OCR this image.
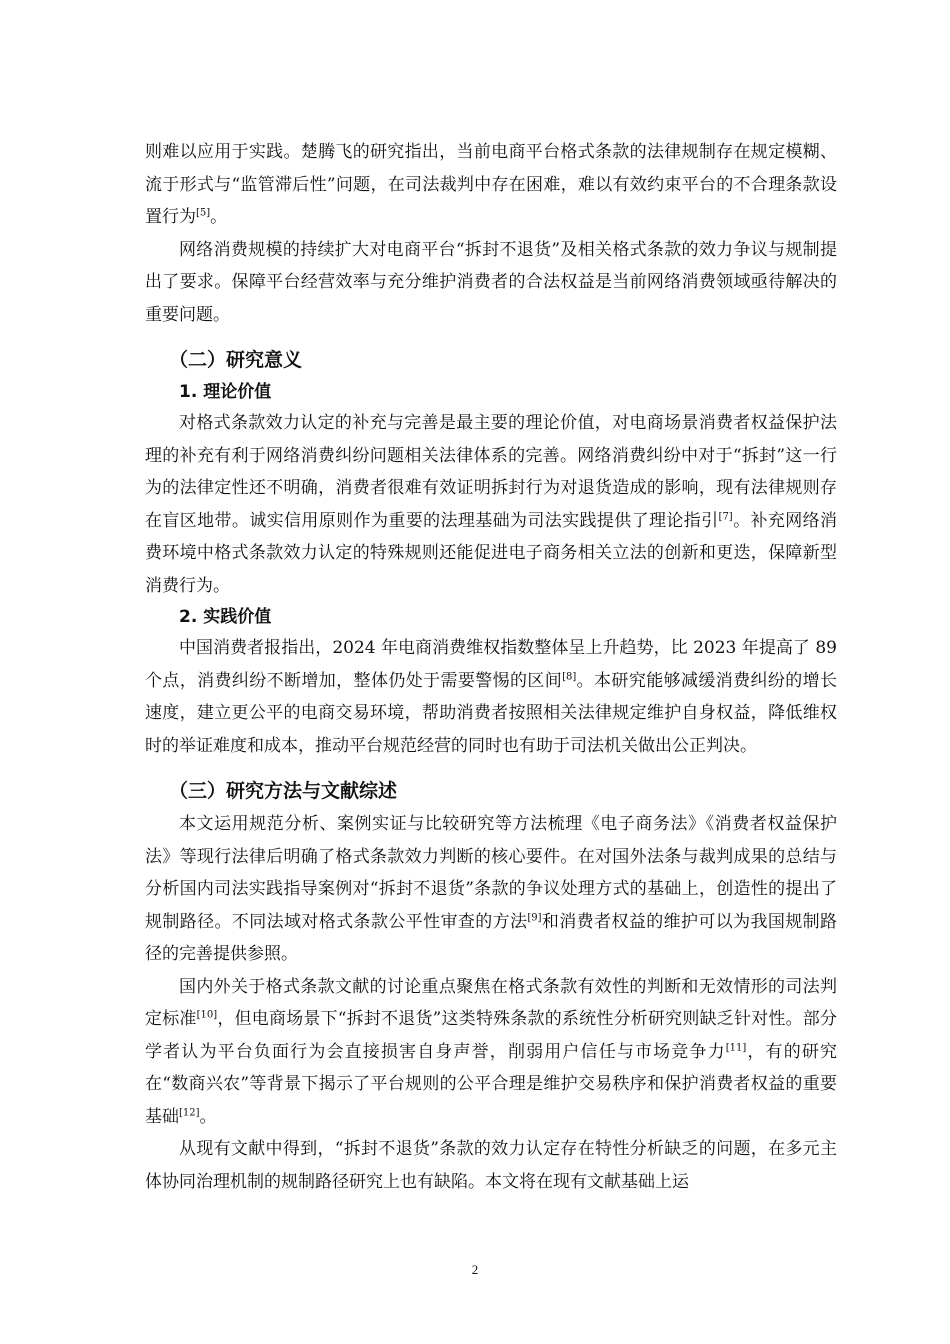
则难以应用于实践。楚腾飞的研究指出，当前电商平台格式条款的法律规制存在规定模糊、流于形式与“监管滞后性”问题，在司法裁判中存在困难，难以有效约束平台的不合理条款设置行为[5]。

网络消费规模的持续扩大对电商平台“拆封不退货”及相关格式条款的效力争议与规制提出了要求。保障平台经营效率与充分维护消费者的合法权益是当前网络消费领域亟待解决的重要问题。

（二）研究意义
1. 理论价值

对格式条款效力认定的补充与完善是最主要的理论价值，对电商场景消费者权益保护法理的补充有利于网络消费纠纷问题相关法律体系的完善。网络消费纠纷中对于“拆封”这一行为的法律定性还不明确，消费者很难有效证明拆封行为对退货造成的影响，现有法律规则存在盲区地带。诚实信用原则作为重要的法理基础为司法实践提供了理论指引[7]。补充网络消费环境中格式条款效力认定的特殊规则还能促进电子商务相关立法的创新和更迭，保障新型消费行为。

2. 实践价值

中国消费者报指出，2024 年电商消费维权指数整体呈上升趋势，比 2023 年提高了 89 个点，消费纠纷不断增加，整体仍处于需要警惕的区间[8]。本研究能够减缓消费纠纷的增长速度，建立更公平的电商交易环境，帮助消费者按照相关法律规定维护自身权益，降低维权时的举证难度和成本，推动平台规范经营的同时也有助于司法机关做出公正判决。

（三）研究方法与文献综述

本文运用规范分析、案例实证与比较研究等方法梳理《电子商务法》《消费者权益保护法》等现行法律后明确了格式条款效力判断的核心要件。在对国外法条与裁判成果的总结与分析国内司法实践指导案例对“拆封不退货”条款的争议处理方式的基础上，创造性的提出了规制路径。不同法域对格式条款公平性审查的方法[9]和消费者权益的维护可以为我国规制路径的完善提供参照。

国内外关于格式条款文献的讨论重点聚焦在格式条款有效性的判断和无效情形的司法判定标准[10]，但电商场景下“拆封不退货”这类特殊条款的系统性分析研究则缺乏针对性。部分学者认为平台负面行为会直接损害自身声誉，削弱用户信任与市场竞争力[11]，有的研究在“数商兴农”等背景下揭示了平台规则的公平合理是维护交易秩序和保护消费者权益的重要基础[12]。

从现有文献中得到，“拆封不退货”条款的效力认定存在特性分析缺乏的问题，在多元主体协同治理机制的规制路径研究上也有缺陷。本文将在现有文献基础上运

2
